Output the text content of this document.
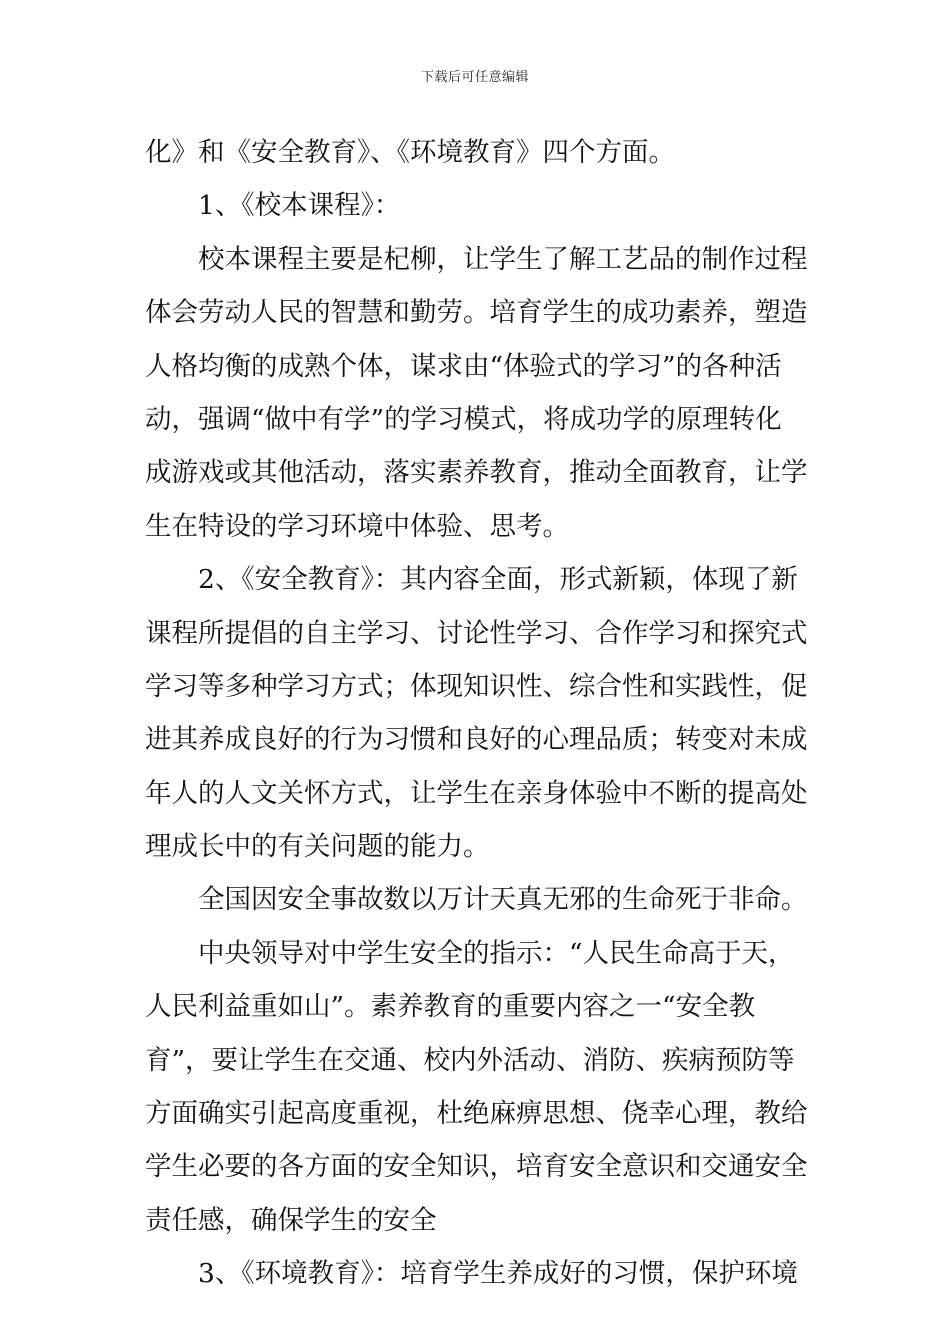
下载后可任意编辑
化》和《安全教育》、《环境教育》四个方面。
1、《校本课程》：
校本课程主要是杞柳，让学生了解工艺品的制作过程
体会劳动人民的智慧和勤劳。培育学生的成功素养，塑造
人格均衡的成熟个体，谋求由“体验式的学习”的各种活
动，强调“做中有学”的学习模式，将成功学的原理转化
成游戏或其他活动，落实素养教育，推动全面教育，让学
生在特设的学习环境中体验、思考。
2、《安全教育》：其内容全面，形式新颖，体现了新
课程所提倡的自主学习、讨论性学习、合作学习和探究式
学习等多种学习方式；体现知识性、综合性和实践性，促
进其养成良好的行为习惯和良好的心理品质；转变对未成
年人的人文关怀方式，让学生在亲身体验中不断的提高处
理成长中的有关问题的能力。
全国因安全事故数以万计天真无邪的生命死于非命。
中央领导对中学生安全的指示：“人民生命高于天，
人民利益重如山”。素养教育的重要内容之一“安全教
育”，要让学生在交通、校内外活动、消防、疾病预防等
方面确实引起高度重视，杜绝麻痹思想、侥幸心理，教给
学生必要的各方面的安全知识，培育安全意识和交通安全
责任感，确保学生的安全
3、《环境教育》：培育学生养成好的习惯，保护环境
